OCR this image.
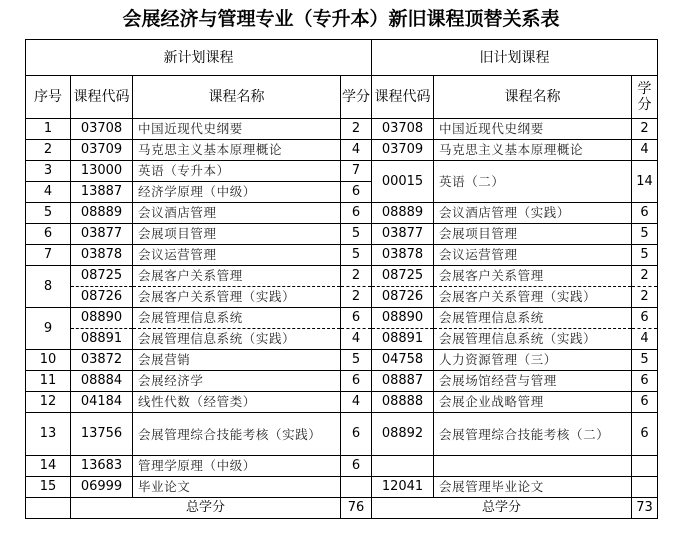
会展经济与管理专业（专升本）新旧课程顶替关系表
新计划课程				旧计划课程		
序号	课程代码	课程名称	学分	课程代码	课程名称	学分
1	03708	中国近现代史纲要	2	03708	中国近现代史纲要	2
2	03709	马克思主义基本原理概论	4	03709	马克思主义基本原理概论	4
3	13000	英语（专升本）	7	00015	英语（二）	14
4	13887	经济学原理（中级）	6			
5	08889	会议酒店管理	6	08889	会议酒店管理（实践）	6
6	03877	会展项目管理	5	03877	会展项目管理	5
7	03878	会议运营管理	5	03878	会议运营管理	5
8	08725	会展客户关系管理	2	08725	会展客户关系管理	2
	08726	会展客户关系管理（实践）	2	08726	会展客户关系管理（实践）	2
9	08890	会展管理信息系统	6	08890	会展管理信息系统	6
	08891	会展管理信息系统（实践）	4	08891	会展管理信息系统（实践）	4
10	03872	会展营销	5	04758	人力资源管理（三）	5
11	08884	会展经济学	6	08887	会展场馆经营与管理	6
12	04184	线性代数（经管类）	4	08888	会展企业战略管理	6
13	13756	会展管理综合技能考核（实践）	6	08892	会展管理综合技能考核（二）	6
14	13683	管理学原理（中级）	6			
15	06999	毕业论文		12041	会展管理毕业论文	
	总学分		76	总学分		73
